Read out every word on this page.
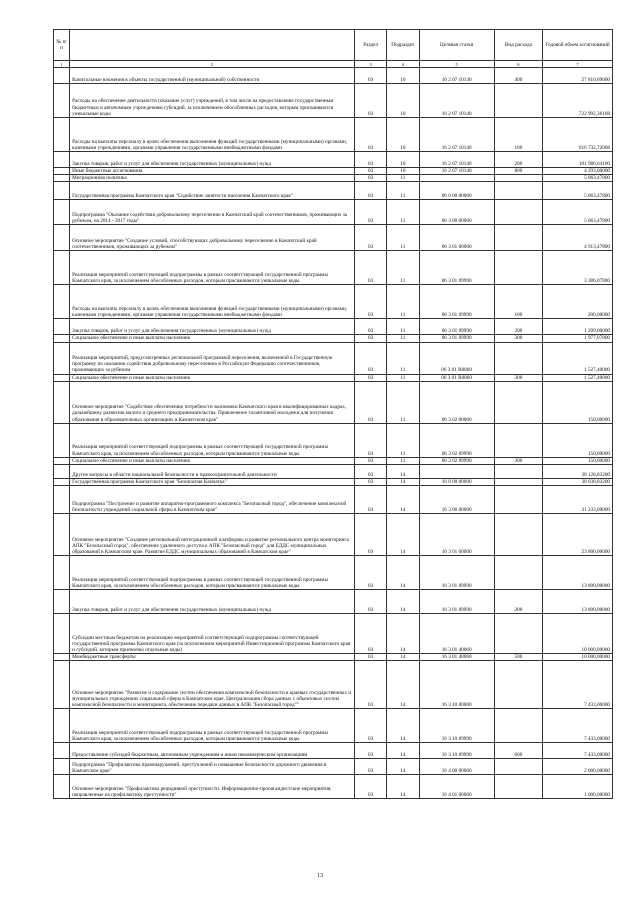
№ п/п		Раздел	Подраздел	Целевая статья	Вид расхода	Годовой объем ассигнований
1	2	3	4	5	6	7
	Капитальные вложения в объекты государственной (муниципальной) собственности	03	10	16 2 07 10130	400	27 810,09000
	Расходы на обеспечение деятельности (оказание услуг) учреждений, в том числе на предоставление государственным бюджетным и автономным учреждениям субсидий, за исключением обособленных расходов, которым присваиваются уникальные коды	03	10	16 2 07 10140		722 992,36168
	Расходы на выплаты персоналу в целях обеспечения выполнения функций государственными (муниципальными) органами, казенными учреждениями, органами управления государственными внебюджетными фондами	03	10	16 2 07 10140	100	616 732,72068
	Закупка товаров, работ и услуг для обеспечения государственных (муниципальных) нужд	03	10	16 2 07 10140	200	101 986,64100
	Иные бюджетные ассигнования	03	10	16 2 07 10140	800	4 293,00000
	Миграционная политика	03	11			5 063,47800
	Государственная программа Камчатского края "Содействие занятости населения Камчатского края"	03	11	06 0 00 00000		5 063,47800
	Подпрограмма "Оказание содействия добровольному переселению в Камчатский край соотечественников, проживающих за рубежом, на 2014 - 2017 годы"	03	11	06 3 00 00000		5 063,47800
	Основное мероприятие "Создание условий, способствующих добровольному переселению в Камчатский край соотечественников, проживающих за рубежом"	03	11	06 3 01 00000		4 913,47800
	Реализация мероприятий соответствующей подпрограммы в рамках соответствующей государственной программы Камчатского края, за исключением обособленных расходов, которым присваиваются уникальные коды	03	11	06 3 01 09990		3 386,07800
	Расходы на выплаты персоналу в целях обеспечения выполнения функций государственными (муниципальными) органами, казенными учреждениями, органами управления государственными внебюджетными фондами	03	11	06 3 01 09990	100	200,00000
	Закупка товаров, работ и услуг для обеспечения государственных (муниципальных) нужд	03	11	06 3 01 09990	200	1 209,00000
	Социальное обеспечение и иные выплаты населению	03	11	06 3 01 09990	300	1 977,07800
	Реализация мероприятий, предусмотренных региональной программой переселения, включенной в Государственную программу по оказанию содействия добровольному переселению в Российскую Федерацию соотечественников, проживающих за рубежом	03	11	06 3 01 R0860		1 527,40000
	Социальное обеспечение и иные выплаты населению	03	11	06 3 01 R0860	300	1 527,40000
	Основное мероприятие "Содействие обеспечению потребности экономики Камчатского края в квалифицированных кадрах, дальнейшему развитию малого и среднего предпринимательства. Привлечение талантливой молодежи для получения образования в образовательных организациях в Камчатском крае"	03	11	06 3 02 00000		150,00000
	Реализация мероприятий соответствующей подпрограммы в рамках соответствующей государственной программы Камчатского края, за исключением обособленных расходов, которым присваиваются уникальные коды	03	11	06 3 02 09990		150,00000
	Социальное обеспечение и иные выплаты населению	03	11	06 3 02 09990	300	150,00000
	Другие вопросы в области национальной безопасности и правоохранительной деятельности	03	14			38 128,83200
	Государственная программа Камчатского края "Безопасная Камчатка"	03	14	16 0 00 00000		38 038,83200
	Подпрограмма "Построение и развитие аппаратно-программного комплекса "Безопасный город", обеспечение комплексной безопасности учреждений социальной сферы в Камчатском крае"	03	14	16 3 00 00000		31 233,00000
	Основное мероприятие "Создание региональной интеграционной платформы и развитие регионального центра мониторинга АПК "Безопасный город", обеспечение удаленного доступа к АПК "Безопасный город" для ЕДДС муниципальных образований в Камчатском крае. Развитие ЕДДС муниципальных образований в Камчатском крае"	03	14	16 3 01 00000		23 800,00000
	Реализация мероприятий соответствующей подпрограммы в рамках соответствующей государственной программы Камчатского края, за исключением обособленных расходов, которым присваиваются уникальные коды	03	14	16 3 01 09990		13 800,00000
	Закупка товаров, работ и услуг для обеспечения государственных (муниципальных) нужд	03	14	16 3 01 09990	200	13 800,00000
	Субсидии местным бюджетам на реализацию мероприятий соответствующей подпрограммы соответствующей государственной программы Камчатского края (за исключением мероприятий Инвестиционной программы Камчатского края и субсидий, которым присвоены отдельные коды)	03	14	16 3 01 40060		10 000,00000
	Межбюджетные трансферты	03	14	16 3 01 40060	500	10 000,00000
	Основное мероприятие "Развитие и содержание систем обеспечения комплексной безопасности в краевых государственных и муниципальных учреждениях социальной сферы в Камчатском крае. Централизация сбора данных с объектовых систем комплексной безопасности и мониторинга, обеспечение передачи данных в АПК "Безопасный город""	03	14	16 3 10 00000		7 433,00000
	Реализация мероприятий соответствующей подпрограммы в рамках соответствующей государственной программы Камчатского края, за исключением обособленных расходов, которым присваиваются уникальные коды	03	14	16 3 10 09990		7 433,00000
	Предоставление субсидий бюджетным, автономным учреждениям и иным некоммерческим организациям	03	14	16 3 10 09990	600	7 433,00000
	Подпрограмма "Профилактика правонарушений, преступлений и повышение безопасности дорожного движения в Камчатском крае"	03	14	16 4 00 00000		2 000,00000
	Основное мероприятие "Профилактика рецидивной преступности. Информационно-пропагандистские мероприятия, направленные на профилактику преступности"	03	14	16 4 01 00000		1 000,00000
13
